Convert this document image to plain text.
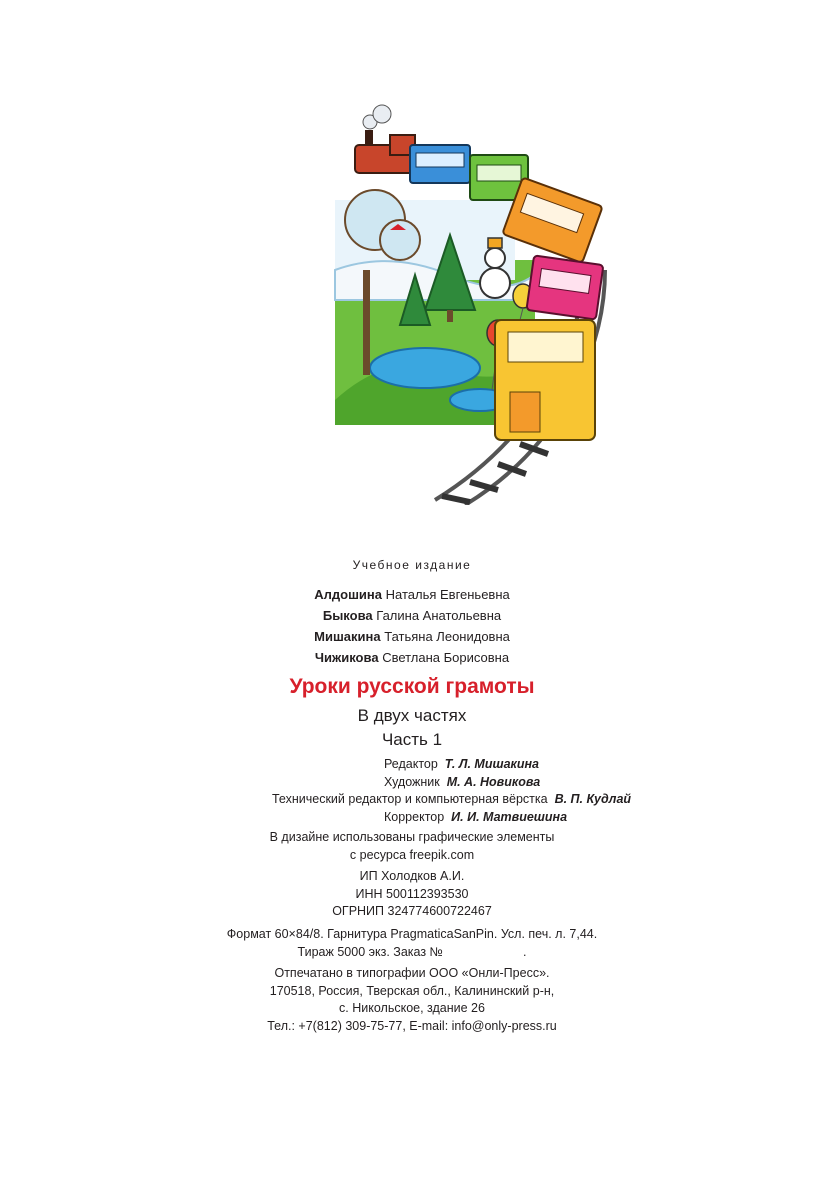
Учебное издание
Алдошина Наталья Евгеньевна
Быкова Галина Анатольевна
Мишакина Татьяна Леонидовна
Чижикова Светлана Борисовна
Уроки русской грамоты
В двух частях
Часть 1
Редактор Т. Л. Мишакина
Художник М. А. Новикова
Технический редактор и компьютерная вёрстка В. П. Кудлай
Корректор И. И. Матвиешина
В дизайне использованы графические элементы
с ресурса freepik.com
ИП Холодков А.И.
ИНН 500112393530
ОГРНИП 324774600722467
Формат 60×84/8. Гарнитура PragmaticaSanPin. Усл. печ. л. 7,44.
Тираж 5000 экз. Заказ №	.
Отпечатано в типографии ООО «Онли-Пресс».
170518, Россия, Тверская обл., Калининский р-н,
с. Никольское, здание 26
Тел.: +7(812) 309-75-77, E-mail: info@only-press.ru
